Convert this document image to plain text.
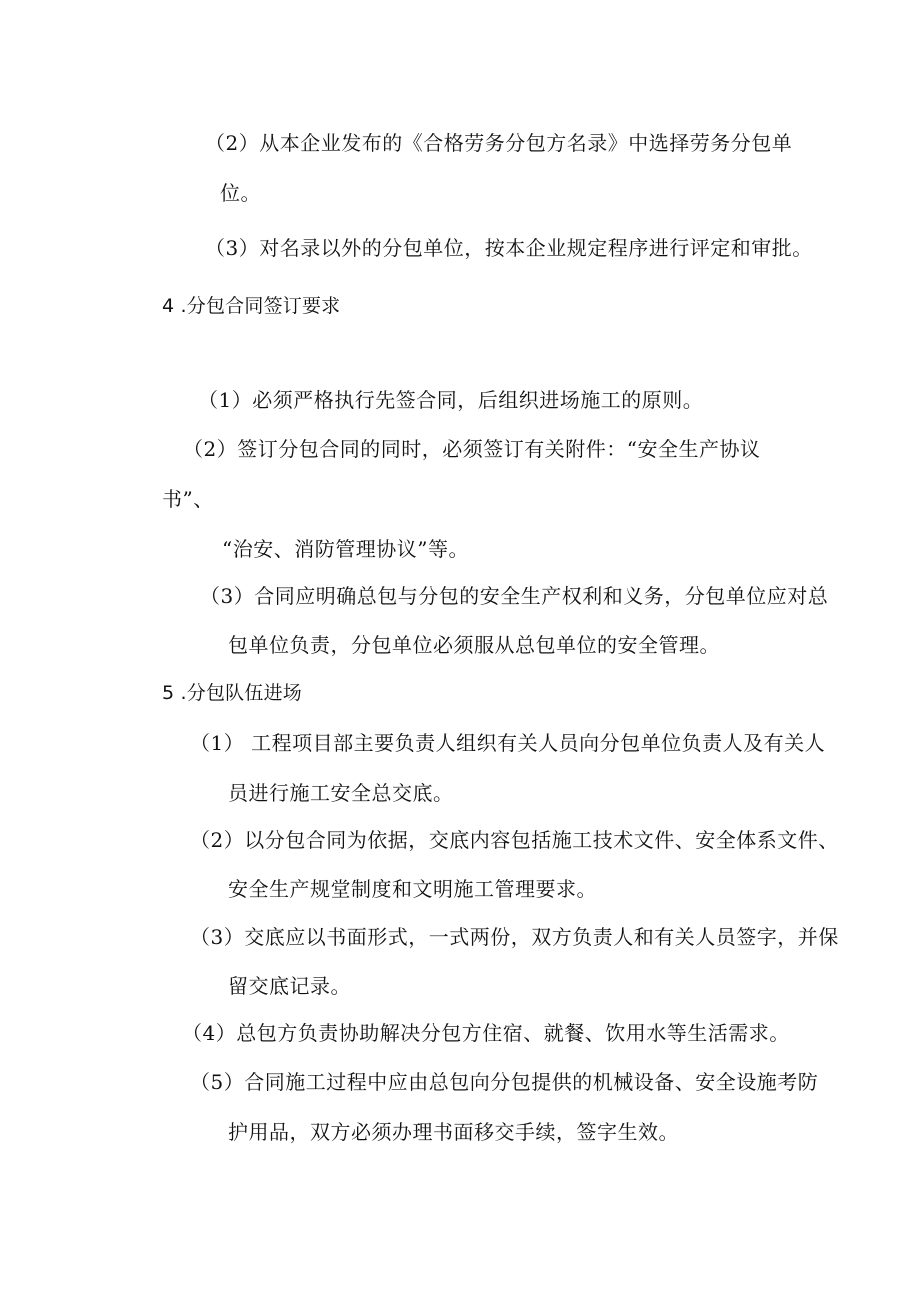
（2）从本企业发布的《合格劳务分包方名录》中选择劳务分包单
位。
（3）对名录以外的分包单位，按本企业规定程序进行评定和审批。
4 .分包合同签订要求
（1）必须严格执行先签合同，后组织进场施工的原则。
（2）签订分包合同的同时，必须签订有关附件：“安全生产协议
书”、
“治安、消防管理协议”等。
（3）合同应明确总包与分包的安全生产权利和义务，分包单位应对总
包单位负责，分包单位必须服从总包单位的安全管理。
5 .分包队伍进场
（1） 工程项目部主要负责人组织有关人员向分包单位负责人及有关人
员进行施工安全总交底。
（2）以分包合同为依据，交底内容包括施工技术文件、安全体系文件、
安全生产规堂制度和文明施工管理要求。
（3）交底应以书面形式，一式两份，双方负责人和有关人员签字，并保
留交底记录。
（4）总包方负责协助解决分包方住宿、就餐、饮用水等生活需求。
（5）合同施工过程中应由总包向分包提供的机械设备、安全设施考防
护用品，双方必须办理书面移交手续，签字生效。
